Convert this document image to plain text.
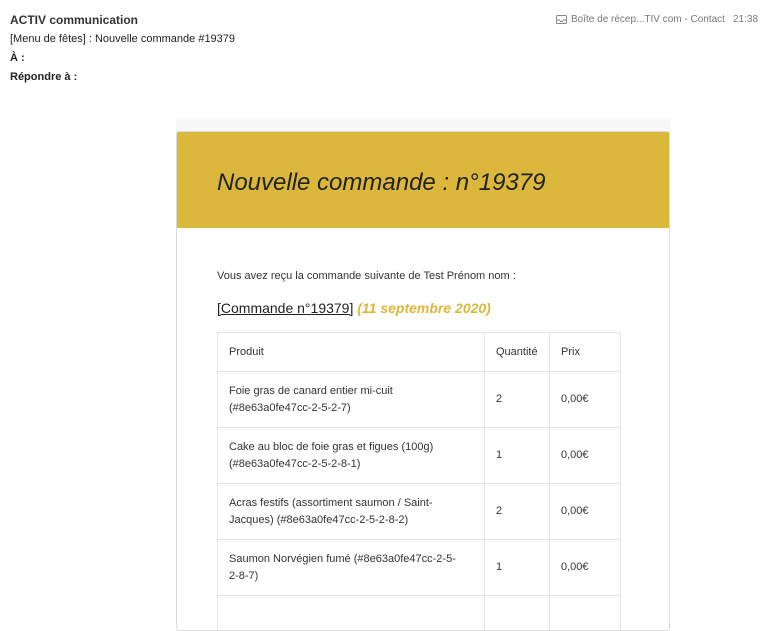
ACTIV communication
[Menu de fêtes] : Nouvelle commande #19379
À :
Répondre à :
Boîte de récep...TIV com - Contact 21:38
Nouvelle commande : n°19379
Vous avez reçu la commande suivante de Test Prénom nom :
[Commande n°19379] (11 septembre 2020)
Produit	Quantité	Prix
Foie gras de canard entier mi-cuit
(#8e63a0fe47cc-2-5-2-7)	2	0,00€
Cake au bloc de foie gras et figues (100g)
(#8e63a0fe47cc-2-5-2-8-1)	1	0,00€
Acras festifs (assortiment saumon / Saint-
Jacques) (#8e63a0fe47cc-2-5-2-8-2)	2	0,00€
Saumon Norvégien fumé (#8e63a0fe47cc-2-5-
2-8-7)	1	0,00€
